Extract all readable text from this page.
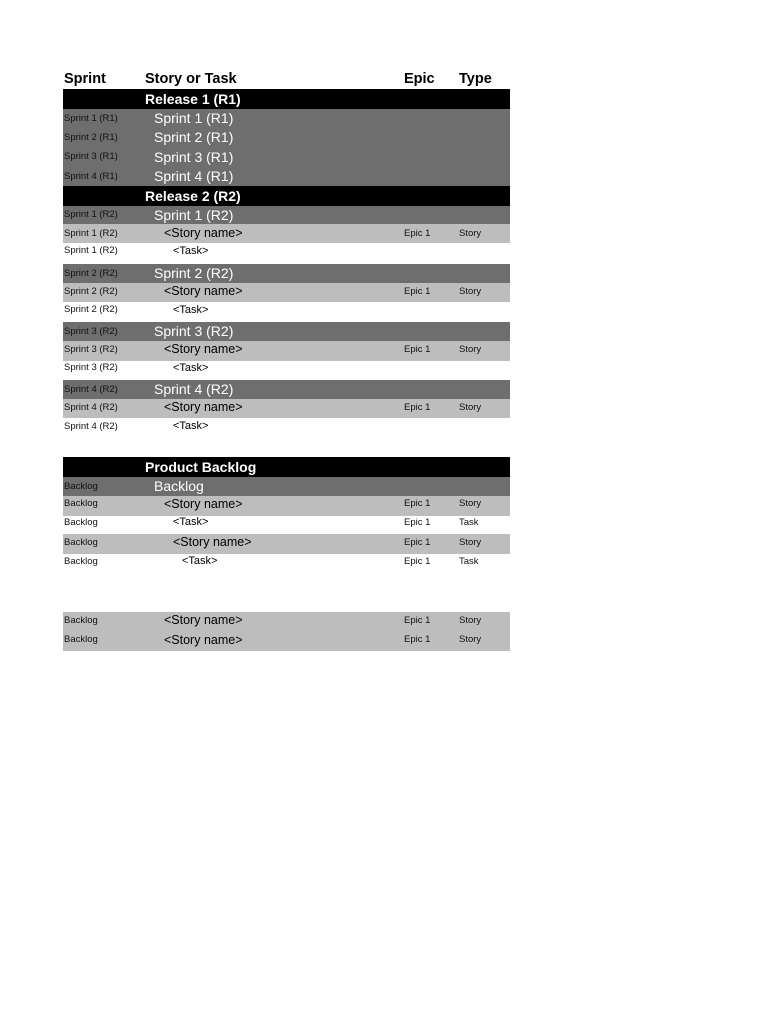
Sprint	Story or Task	Epic	Type
Release 1 (R1)
Sprint 1 (R1)	Sprint 1 (R1)
Sprint 2 (R1)	Sprint 2 (R1)
Sprint 3 (R1)	Sprint 3 (R1)
Sprint 4 (R1)	Sprint 4 (R1)
Release 2 (R2)
Sprint 1 (R2)	Sprint 1 (R2)
Sprint 1 (R2)	<Story name>	Epic 1	Story
Sprint 1 (R2)	<Task>
Sprint 2 (R2)	Sprint 2 (R2)
Sprint 2 (R2)	<Story name>	Epic 1	Story
Sprint 2 (R2)	<Task>
Sprint 3 (R2)	Sprint 3 (R2)
Sprint 3 (R2)	<Story name>	Epic 1	Story
Sprint 3 (R2)	<Task>
Sprint 4 (R2)	Sprint 4 (R2)
Sprint 4 (R2)	<Story name>	Epic 1	Story
Sprint 4 (R2)	<Task>
Product Backlog
Backlog	Backlog
Backlog	<Story name>	Epic 1	Story
Backlog	<Task>	Epic 1	Task
Backlog	<Story name>	Epic 1	Story
Backlog	<Task>	Epic 1	Task
Backlog	<Story name>	Epic 1	Story
Backlog	<Story name>	Epic 1	Story
